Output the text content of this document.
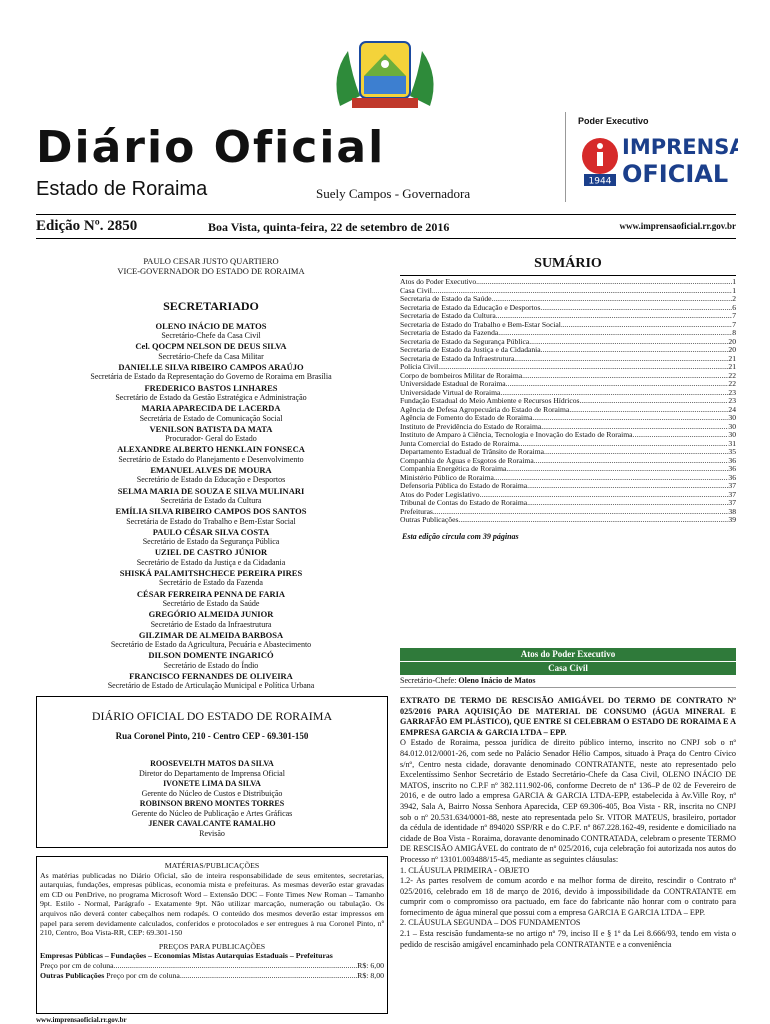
Diário Oficial
Estado de Roraima	Suely Campos - Governadora
Poder Executivo
1944
IMPRENSA
OFICIAL
Edição Nº. 2850	Boa Vista, quinta-feira, 22 de setembro de 2016	www.imprensaoficial.rr.gov.br
PAULO CESAR JUSTO QUARTIERO
VICE-GOVERNADOR DO ESTADO DE RORAIMA
SECRETARIADO
OLENO INÁCIO DE MATOS
Secretário-Chefe da Casa Civil
Cel. QOCPM NELSON DE DEUS SILVA
Secretário-Chefe da Casa Militar
DANIELLE SILVA RIBEIRO CAMPOS ARAÚJO
Secretária de Estado da Representação do Governo de Roraima em Brasília
FREDERICO BASTOS LINHARES
Secretário de Estado da Gestão Estratégica e Administração
MARIA APARECIDA DE LACERDA
Secretária de Estado de Comunicação Social
VENILSON BATISTA DA MATA
Procurador- Geral do Estado
ALEXANDRE ALBERTO HENKLAIN FONSECA
Secretário de Estado do Planejamento e Desenvolvimento
EMANUEL ALVES DE MOURA
Secretário de Estado da Educação e Desportos
SELMA MARIA DE SOUZA E SILVA MULINARI
Secretária de Estado da Cultura
EMÍLIA SILVA RIBEIRO CAMPOS DOS SANTOS
Secretária de Estado do Trabalho e Bem-Estar Social
PAULO CÉSAR SILVA COSTA
Secretário de Estado da Segurança Pública
UZIEL DE CASTRO JÚNIOR
Secretário de Estado da Justiça e da Cidadania
SHISKÁ PALAMITSHCHECE PEREIRA PIRES
Secretário de Estado da Fazenda
CÉSAR FERREIRA PENNA DE FARIA
Secretário de Estado da Saúde
GREGÓRIO ALMEIDA JUNIOR
Secretário de Estado da Infraestrutura
GILZIMAR DE ALMEIDA BARBOSA
Secretário de Estado da Agricultura, Pecuária e Abastecimento
DILSON DOMENTE INGARICÓ
Secretário de Estado do Índio
FRANCISCO FERNANDES DE OLIVEIRA
Secretário de Estado de Articulação Municipal e Política Urbana
SUMÁRIO
Atos do Poder Executivo .....	1
Casa Civil .....	1
Secretaria de Estado da Saúde .....	2
Secretaria de Estado da Educação e Desportos .....	6
Secretaria de Estado da Cultura .....	7
Secretaria de Estado do Trabalho e Bem-Estar Social .....	7
Secretaria de Estado da Fazenda .....	8
Secretaria de Estado da Segurança Pública .....	20
Secretaria de Estado da Justiça e da Cidadania .....	20
Secretaria de Estado da Infraestrutura .....	21
Polícia Civil .....	21
Corpo de bombeiros Militar de Roraima .....	22
Universidade Estadual de Roraima .....	22
Universidade Virtual de Roraima .....	23
Fundação Estadual do Meio Ambiente e Recursos Hídricos .....	23
Agência de Defesa Agropecuária do Estado de Roraima .....	24
Agência de Fomento do Estado de Roraima .....	30
Instituto de Previdência do Estado de Roraima .....	30
Instituto de Amparo à Ciência, Tecnologia e Inovação do Estado de Roraima .....	30
Junta Comercial do Estado de Roraima .....	31
Departamento Estadual de Trânsito de Roraima .....	35
Companhia de Águas e Esgotos de Roraima .....	36
Companhia Energética de Roraima .....	36
Ministério Público de Roraima .....	36
Defensoria Pública do Estado de Roraima .....	37
Atos do Poder Legislativo .....	37
Tribunal de Contas do Estado de Roraima .....	37
Prefeituras .....	38
Outras Publicações .....	39
Esta edição circula com 39 páginas
Atos do Poder Executivo
Casa Civil
Secretário-Chefe: Oleno Inácio de Matos
EXTRATO DE TERMO DE RESCISÃO AMIGÁVEL DO TERMO DE CONTRATO Nº 025/2016 PARA AQUISIÇÃO DE MATERIAL DE CONSUMO (ÁGUA MINERAL E GARRAFÃO EM PLÁSTICO), QUE ENTRE SI CELEBRAM O ESTADO DE RORAIMA E A EMPRESA GARCIA & GARCIA LTDA – EPP.
O Estado de Roraima, pessoa jurídica de direito público interno, inscrito no CNPJ sob o nº 84.012.012/0001-26, com sede no Palácio Senador Hélio Campos, situado à Praça do Centro Cívico s/nº, Centro nesta cidade, doravante denominado CONTRATANTE, neste ato representado pelo Excelentíssimo Senhor Secretário de Estado Secretário-Chefe da Casa Civil, OLENO INÁCIO DE MATOS, inscrito no C.P.F nº 382.111.902-06, conforme Decreto de nº 136–P de 02 de Fevereiro de 2016, e de outro lado a empresa GARCIA & GARCIA LTDA-EPP, estabelecida à Av.Ville Roy, nº 3942, Sala A, Bairro Nossa Senhora Aparecida, CEP 69.306-405, Boa Vista - RR, inscrita no CNPJ sob o nº 20.531.634/0001-88, neste ato representada pelo Sr. VITOR MATEUS, brasileiro, portador da cédula de identidade nº 894020 SSP/RR e do C.P.F. nº 867.228.162-49, residente e domiciliado na cidade de Boa Vista - Roraima, doravante denominado CONTRATADA, celebram o presente TERMO DE RESCISÃO AMIGÁVEL do contrato de nº 025/2016, cuja celebração foi autorizada nos autos do Processo nº 13101.003488/15-45, mediante as seguintes cláusulas:
1. CLÁUSULA PRIMEIRA - OBJETO
1.2- As partes resolvem de comum acordo e na melhor forma de direito, rescindir o Contrato nº 025/2016, celebrado em 18 de março de 2016, devido à impossibilidade da CONTRATANTE em cumprir com o compromisso ora pactuado, em face do fabricante não honrar com o contrato para fornecimento de água mineral que possui com a empresa GARCIA E GARCIA LTDA – EPP.
2. CLÁUSULA SEGUNDA – DOS FUNDAMENTOS
2.1 – Esta rescisão fundamenta-se no artigo nº 79, inciso II e § 1º da Lei 8.666/93, tendo em vista o pedido de rescisão amigável encaminhado pela CONTRATANTE e a conveniência
DIÁRIO OFICIAL DO ESTADO DE RORAIMA
Rua Coronel Pinto, 210 - Centro CEP - 69.301-150
ROOSEVELTH MATOS DA SILVA
Diretor do Departamento de Imprensa Oficial
IVONETE LIMA DA SILVA
Gerente do Núcleo de Custos e Distribuição
ROBINSON BRENO MONTES TORRES
Gerente do Núcleo de Publicação e Artes Gráficas
JENER CAVALCANTE RAMALHO
Revisão
MATÉRIAS/PUBLICAÇÕES
As matérias publicadas no Diário Oficial, são de inteira responsabilidade de seus emitentes, secretarias, autarquias, fundações, empresas públicas, economia mista e prefeituras. As mesmas deverão estar gravadas em CD ou PenDrive, no programa Microsoft Word – Extensão DOC – Fonte Times New Roman – Tamanho 9pt. Estilo - Normal, Parágrafo - Exatamente 9pt. Não utilizar marcação, numeração ou tabulação. Os arquivos não deverá conter cabeçalhos nem rodapés. O conteúdo dos mesmos deverão estar impressos em papel para serem devidamente calculados, conferidos e protocolados e ser entregues à rua Coronel Pinto, nº 210, Centro, Boa Vista-RR, CEP: 69.301-150
PREÇOS PARA PUBLICAÇÕES
Empresas Públicas – Fundações – Economias Mistas Autarquias Estaduais – Prefeituras
Preço por cm de coluna .....	R$: 6,00
Outras Publicações Preço por cm de coluna .....	R$: 8,00
www.imprensaoficial.rr.gov.br
